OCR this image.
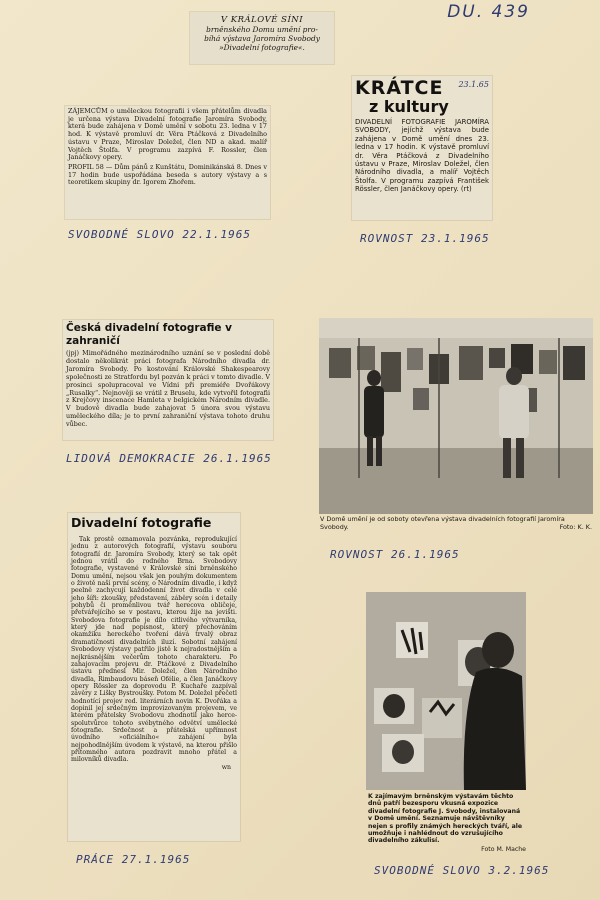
DU. 439
V KRÁLOVÉ SÍNI
brněnského Domu umění pro-
bíhá výstava Jaromíra Svobody
»Divadelní fotografie«.

ZÁJEMCŮM o uměleckou fotografii i všem přátelům divadla je určena výstava Divadelní fotografie Jaromíra Svobody, která bude zahájena v Domě umění v sobotu 23. ledna v 17 hod. K výstavě promluví dr. Věra Ptáčková z Divadelního ústavu v Praze, Miroslav Doležel, člen ND a akad. malíř Vojtěch Štolfa. V programu zazpívá F. Rossler, člen Janáčkovy opery.

PROFIL 58 — Dům pánů z Kunštátu, Dominikánská 8. Dnes v 17 hodin bude uspořádána beseda s autory výstavy a s teoretikem skupiny dr. Igorem Zhořem.

SVOBODNÉ SLOVO 22.1.1965
KRÁTCE
z kultury
23.1.65

DIVADELNÍ FOTOGRAFIE JAROMÍRA SVOBODY, jejíchž výstava bude zahájena v Domě umění dnes 23. ledna v 17 hodin. K výstavě promluví dr. Věra Ptáčková z Divadelního ústavu v Praze, Miroslav Doležel, člen Národního divadla, a malíř Vojtěch Štolfa. V programu zazpívá František Rössler, člen Janáčkovy opery. (rt)

ROVNOST 23.1.1965
Česká divadelní fotografie v zahraničí

(jpj) Mimořádného mezinárodního uznání se v poslední době dostalo několikrát práci fotografa Národního divadla dr. Jaromíra Svobody. Po kostování Královské Shakespearovy společnosti ze Stratfordu byl pozván k práci v tomto divadle. V prosinci spolupracoval ve Vídni při premiéře Dvořákovy „Rusalky“. Nejnověji se vrátil z Bruselu, kde vytvořil fotografii z Krejčovy inscenace Hamleta v belgickém Národním divadle. V budově divadla bude zahajovat 5 února svou výstavu uměleckého díla; je to první zahraniční výstava tohoto druhu vůbec.

LIDOVÁ DEMOKRACIE 26.1.1965
V Domě umění je od soboty otevřena výstava divadelních fotografií Jaromíra Svobody.	Foto: K. K.
ROVNOST 26.1.1965
Divadelní fotografie

Tak prostě oznamovala pozvánka, reprodukující jednu z autorových fotografií, výstavu souboru fotografií dr. Jaromíra Svobody, který se tak opět jednou vrátil do rodného Brna. Svobodovy fotografie, vystavené v Královské síni brněnského Domu umění, nejsou však jen pouhým dokumentem o životě naší první scény, o Národním divadle, i když peelně zachycují každodenní život divadla v celé jeho šíři: zkoušky, představení, záběry scén i detaily pohybů či proměnlivou tvář herecova obličeje, přetvářejícího se v postavu, kterou žije na jevišti. Svobodova fotografie je dílo citlivého výtvarníka, který jde nad popisnost, který přechováním okamžiku hereckého tvoření dává trvalý obraz dramatičnosti divadelních iluzí. Sobotní zahájení Svobodovy výstavy patřilo jistě k nejradostnějším a nejkrásnějším večerům tohoto charakteru. Po zahajovacím projevu dr. Ptáčkové z Divadelního ústavu přednesl Mir. Doležel, člen Národního divadla, Rimbaudovu báseň Ofélie, a člen Janáčkovy opery Rössler za doprovodu P. Kuchaře zazpíval závěry z Lišky Bystroušky. Potom M. Doležel přečetl hodnotící projev red. literárních novin K. Dvořáka a dopinil jej srdečným improvizovaným projevem, ve kterém přátelsky Svobodovu zhodnotil jako herce-spolutvůrce tohoto svébytného odvětví umělecké fotografie. Srdečnost a přátelská upřímnost úvodního »oficiálního« zahájení byla nejpohodlnějším úvodem k výstavě, na kterou přišlo přítomného autora pozdravit mnoho přátel a milovníků divadla.

wn
PRÁCE 27.1.1965
K zajímavým brněnským výstavám těchto dnů patří bezesporu vkusná expozice divadelní fotografie J. Svobody, instalovaná v Domě umění. Seznamuje návštěvníky nejen s profily známých hereckých tváří, ale umožňuje i nahlédnout do vzrušujícího divadelního zákulisí.
Foto M. Mache
SVOBODNÉ SLOVO 3.2.1965
